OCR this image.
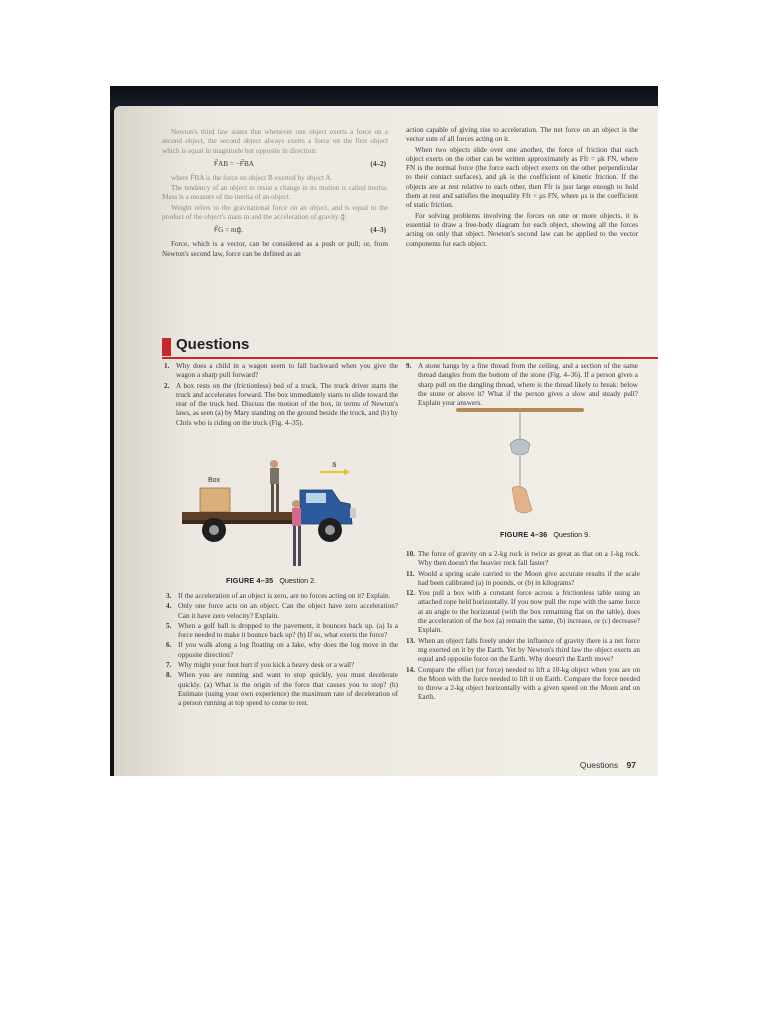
Newton's third law states that whenever one object exerts a force on a second object, the second object always exerts a force on the first object which is equal in magnitude but opposite in direction:

F⃗AB = −F⃗BA	(4–2)

where F⃗BA is the force on object B exerted by object A.

The tendency of an object to resist a change in its motion is called inertia. Mass is a measure of the inertia of an object.

Weight refers to the gravitational force on an object, and is equal to the product of the object's mass m and the acceleration of gravity g⃗:

F⃗G = mg⃗.	(4–3)

Force, which is a vector, can be considered as a push or pull; or, from Newton's second law, force can be defined as an

action capable of giving rise to acceleration. The net force on an object is the vector sum of all forces acting on it.

When two objects slide over one another, the force of friction that each object exerts on the other can be written approximately as Ffr = μk FN, where FN is the normal force (the force each object exerts on the other perpendicular to their contact surfaces), and μk is the coefficient of kinetic friction. If the objects are at rest relative to each other, then Ffr is just large enough to hold them at rest and satisfies the inequality Ffr < μs FN, where μs is the coefficient of static friction.

For solving problems involving the forces on one or more objects, it is essential to draw a free-body diagram for each object, showing all the forces acting on only that object. Newton's second law can be applied to the vector components for each object.

Questions
1. Why does a child in a wagon seem to fall backward when you give the wagon a sharp pull forward?
2. A box rests on the (frictionless) bed of a truck. The truck driver starts the truck and accelerates forward. The box immediately starts to slide toward the rear of the truck bed. Discuss the motion of the box, in terms of Newton's laws, as seen (a) by Mary standing on the ground beside the truck, and (b) by Chris who is riding on the truck (Fig. 4–35).
Box
a⃗
FIGURE 4–35 Question 2.
3. If the acceleration of an object is zero, are no forces acting on it? Explain.
4. Only one force acts on an object. Can the object have zero acceleration? Can it have zero velocity? Explain.
5. When a golf ball is dropped to the pavement, it bounces back up. (a) Is a force needed to make it bounce back up? (b) If so, what exerts the force?
6. If you walk along a log floating on a lake, why does the log move in the opposite direction?
7. Why might your foot hurt if you kick a heavy desk or a wall?
8. When you are running and want to stop quickly, you must decelerate quickly. (a) What is the origin of the force that causes you to stop? (b) Estimate (using your own experience) the maximum rate of deceleration of a person running at top speed to come to rest.
9. A stone hangs by a fine thread from the ceiling, and a section of the same thread dangles from the bottom of the stone (Fig. 4–36). If a person gives a sharp pull on the dangling thread, where is the thread likely to break: below the stone or above it? What if the person gives a slow and steady pull? Explain your answers.
FIGURE 4–36 Question 9.
10. The force of gravity on a 2-kg rock is twice as great as that on a 1-kg rock. Why then doesn't the heavier rock fall faster?
11. Would a spring scale carried to the Moon give accurate results if the scale had been calibrated (a) in pounds, or (b) in kilograms?
12. You pull a box with a constant force across a frictionless table using an attached rope held horizontally. If you now pull the rope with the same force at an angle to the horizontal (with the box remaining flat on the table), does the acceleration of the box (a) remain the same, (b) increase, or (c) decrease? Explain.
13. When an object falls freely under the influence of gravity there is a net force mg exerted on it by the Earth. Yet by Newton's third law the object exerts an equal and opposite force on the Earth. Why doesn't the Earth move?
14. Compare the effort (or force) needed to lift a 10-kg object when you are on the Moon with the force needed to lift it on Earth. Compare the force needed to throw a 2-kg object horizontally with a given speed on the Moon and on Earth.
Questions 97
